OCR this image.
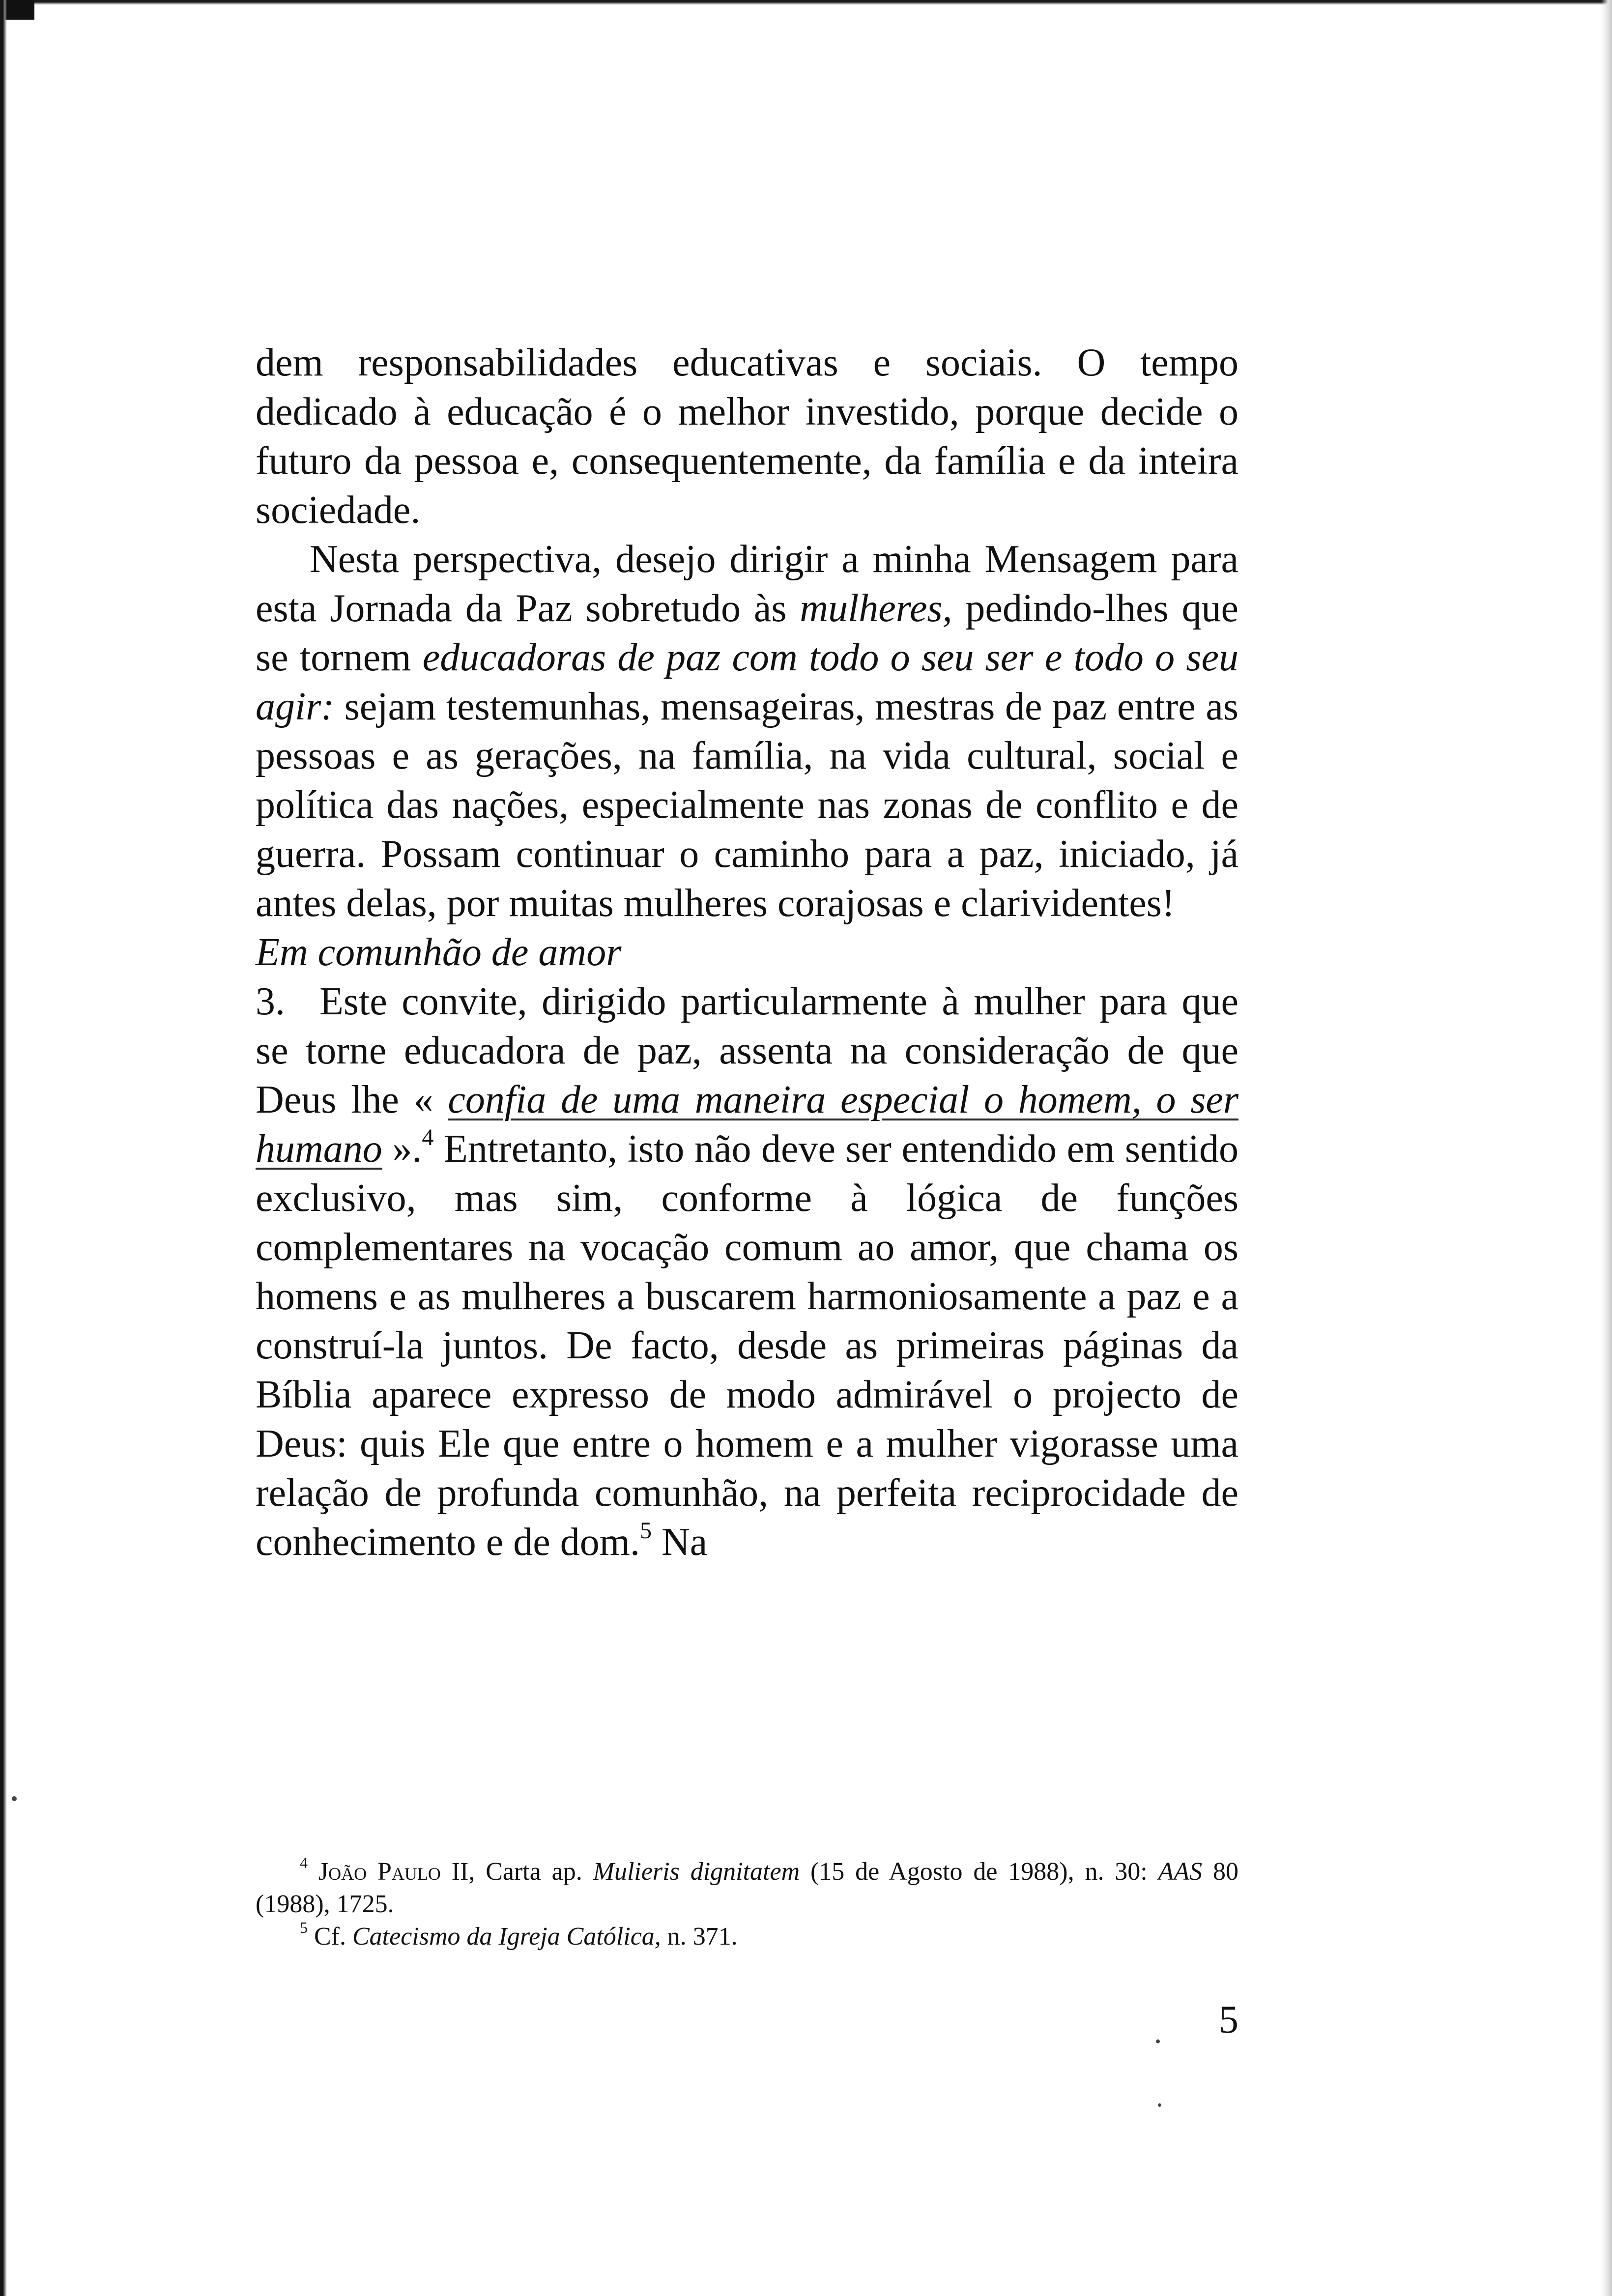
dem responsabilidades educativas e sociais. O tempo dedicado à educação é o melhor investido, porque decide o futuro da pessoa e, consequentemente, da família e da inteira sociedade.

Nesta perspectiva, desejo dirigir a minha Mensagem para esta Jornada da Paz sobretudo às mulheres, pedindo-lhes que se tornem educadoras de paz com todo o seu ser e todo o seu agir: sejam testemunhas, mensageiras, mestras de paz entre as pessoas e as gerações, na família, na vida cultural, social e política das nações, especialmente nas zonas de conflito e de guerra. Possam continuar o caminho para a paz, iniciado, já antes delas, por muitas mulheres corajosas e clarividentes!

Em comunhão de amor

3. Este convite, dirigido particularmente à mulher para que se torne educadora de paz, assenta na consideração de que Deus lhe « confia de uma maneira especial o homem, o ser humano ».$^4$ Entretanto, isto não deve ser entendido em sentido exclusivo, mas sim, conforme à lógica de funções complementares na vocação comum ao amor, que chama os homens e as mulheres a buscarem harmoniosamente a paz e a construí-la juntos. De facto, desde as primeiras páginas da Bíblia aparece expresso de modo admirável o projecto de Deus: quis Ele que entre o homem e a mulher vigorasse uma relação de profunda comunhão, na perfeita reciprocidade de conhecimento e de dom.$^5$ Na

$^4$ João Paulo II, Carta ap. Mulieris dignitatem (15 de Agosto de 1988), n. 30: AAS 80 (1988), 1725.

$^5$ Cf. Catecismo da Igreja Católica, n. 371.

5
